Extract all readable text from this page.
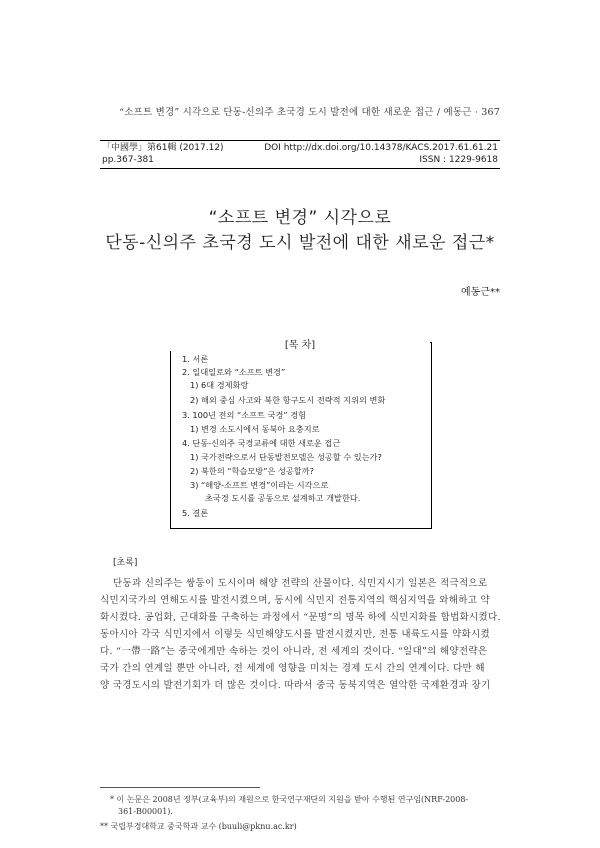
“소프트 변경” 시각으로 단동-신의주 초국경 도시 발전에 대한 새로운 접근 / 예동근 · 367
「中國學」第61輯 (2017.12)	DOI http://dx.doi.org/10.14378/KACS.2017.61.61.21
pp.367-381	ISSN : 1229-9618
“소프트 변경” 시각으로
단동-신의주 초국경 도시 발전에 대한 새로운 접근*
예동근**
[목 차]
1. 서론
2. 일대일로와 “소프트 변경”
1) 6대 경제화랑
2) 해외 중심 사고와 북한 항구도시 전략적 지위의 변화
3. 100년 전의 “소프트 국경” 경험
1) 변경 소도시에서 동북아 요충지로
4. 단동-신의주 국경교류에 대한 새로운 접근
1) 국가전략으로서 단동발전모델은 성공할 수 있는가?
2) 북한의 “학습모방”은 성공할까?
3) “해양-소프트 변경”이라는 시각으로
초국경 도시를 공동으로 설계하고 개발한다.
5. 결론
[초록]
단동과 신의주는 쌍둥이 도시이며 해양 전략의 산물이다. 식민지시기 일본은 적극적으로
식민지국가의 연해도시를 발전시켰으며, 동시에 식민지 전통지역의 핵심지역을 와해하고 약
화시켰다. 공업화, 근대화를 구축하는 과정에서 “문명”의 명목 하에 식민지화를 합법화시켰다.
동아시아 각국 식민지에서 이렇듯 식민해양도시를 발전시켰지만, 전통 내륙도시를 약화시켰
다. “一帶一路”는 중국에게만 속하는 것이 아니라, 전 세계의 것이다. “일대”의 해양전략은
국가 간의 연계일 뿐만 아니라, 전 세계에 영향을 미치는 경제 도시 간의 연계이다. 다만 해
양 국경도시의 발전기회가 더 많은 것이다. 따라서 중국 동북지역은 열악한 국제환경과 장기
* 이 논문은 2008년 정부(교육부)의 재원으로 한국연구재단의 지원을 받아 수행된 연구임(NRF-2008-
361-B00001).
** 국립부경대학교 중국학과 교수 (buuli@pknu.ac.kr)
